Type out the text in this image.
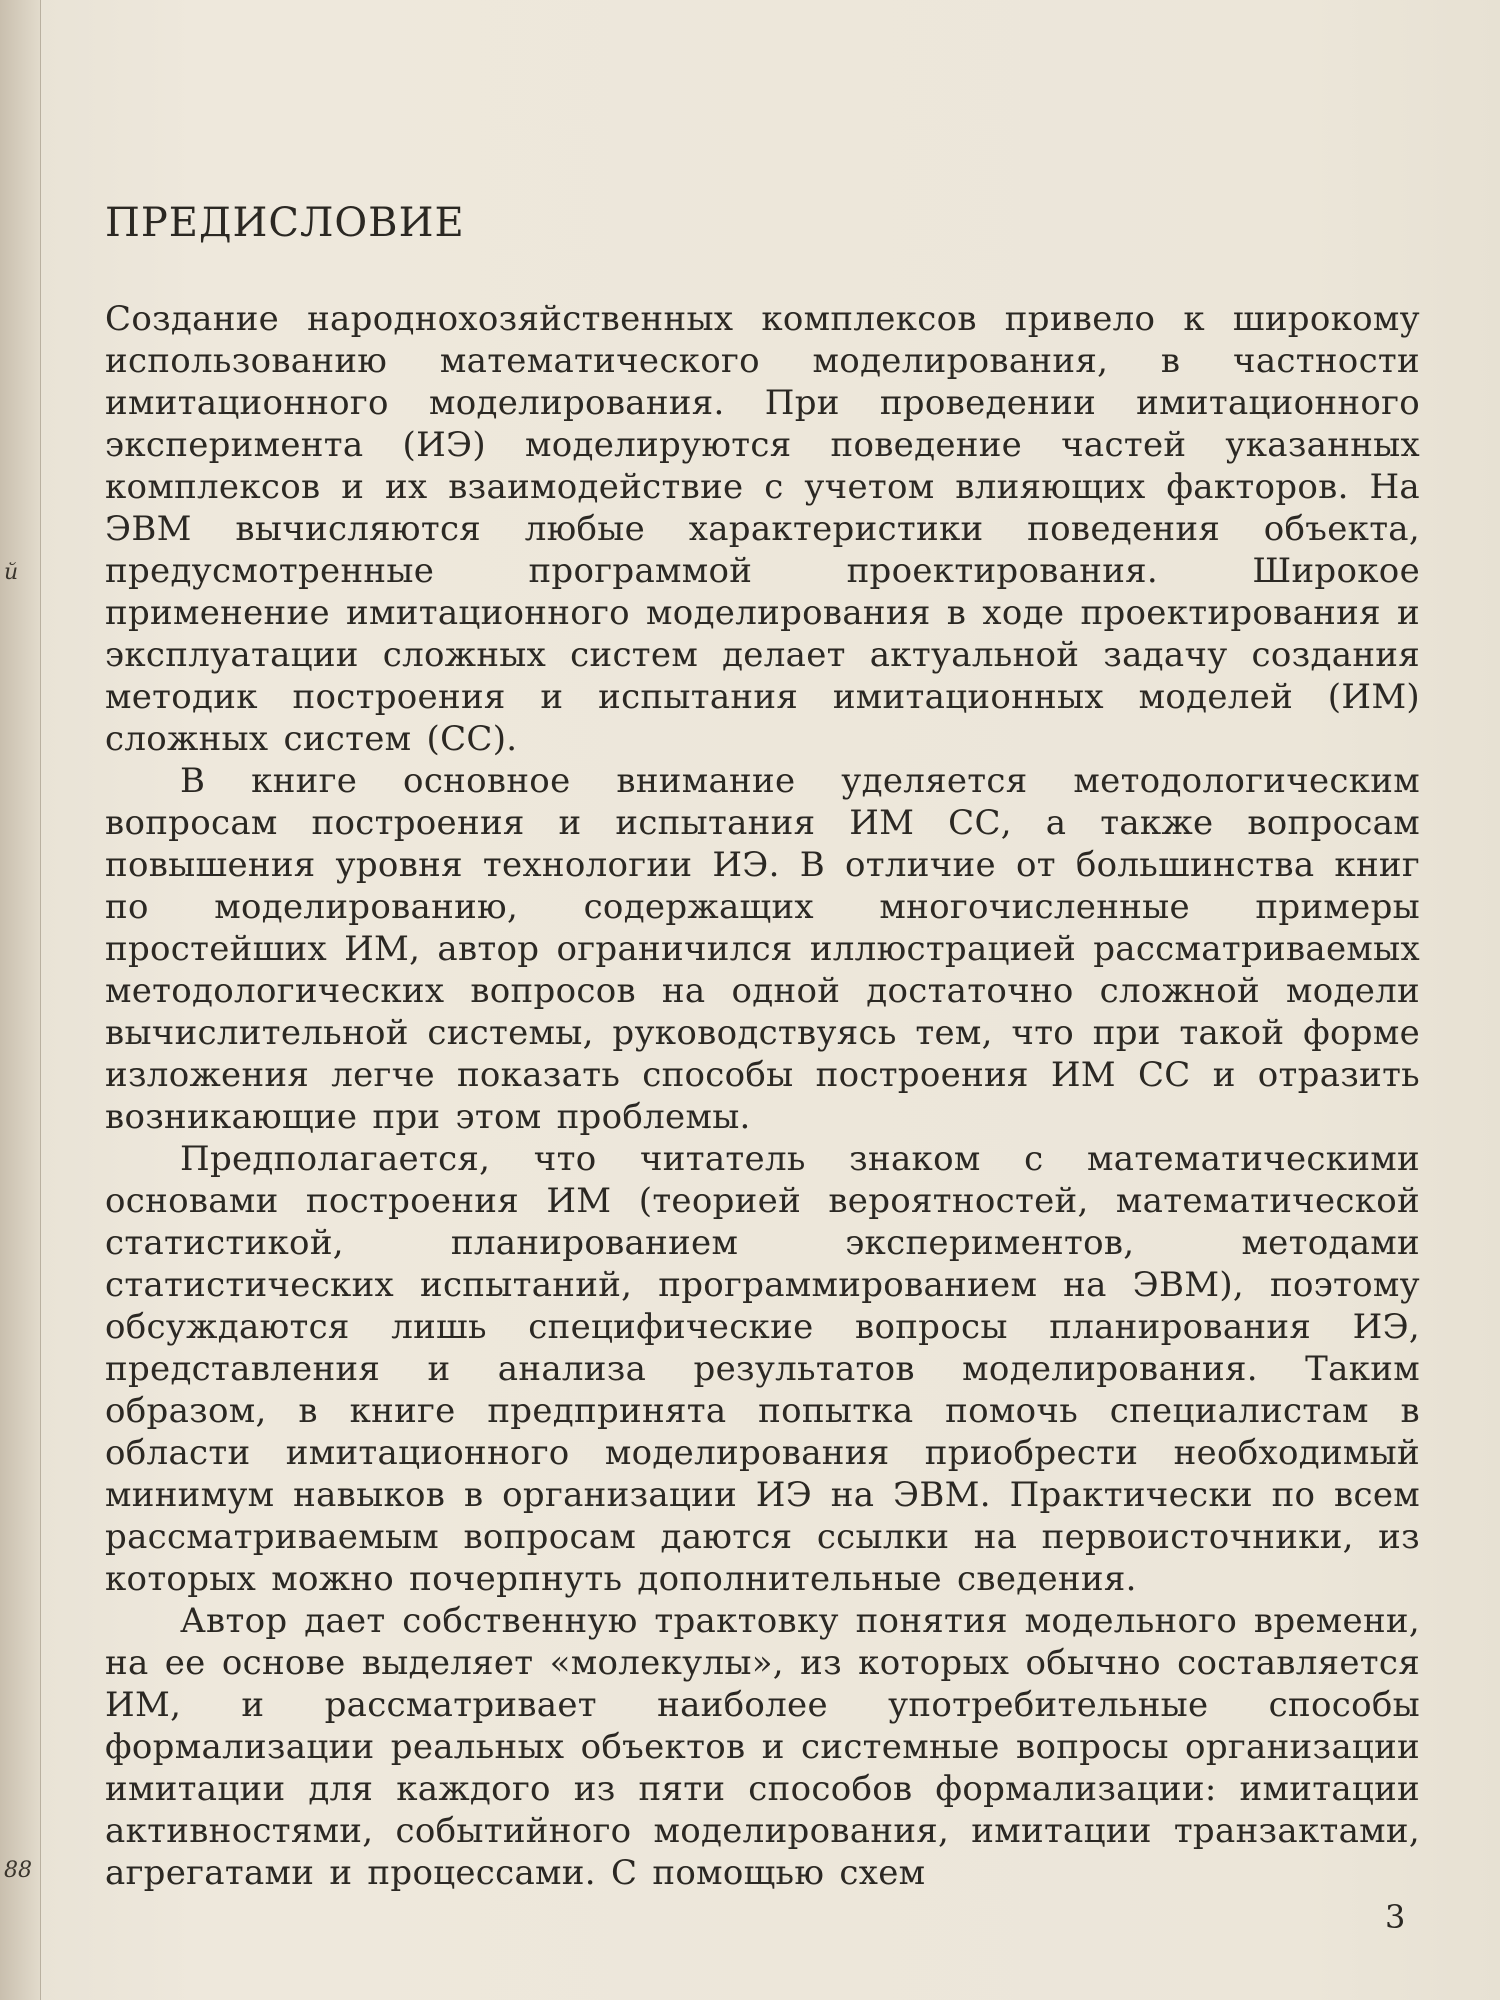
й
88
ПРЕДИСЛОВИЕ

Создание народнохозяйственных комплексов привело к широкому использованию математического моделирования, в частности имитационного моделирования. При проведении имитационного эксперимента (ИЭ) моделируются поведение частей указанных комплексов и их взаимодействие с учетом влияющих факторов. На ЭВМ вычисляются любые характеристики поведения объекта, предусмотренные программой проектирования. Широкое применение имитационного моделирования в ходе проектирования и эксплуатации сложных систем делает актуальной задачу создания методик построения и испытания имитационных моделей (ИМ) сложных систем (СС).

В книге основное внимание уделяется методологическим вопросам построения и испытания ИМ СС, а также вопросам повышения уровня технологии ИЭ. В отличие от большинства книг по моделированию, содержащих многочисленные примеры простейших ИМ, автор ограничился иллюстрацией рассматриваемых методологических вопросов на одной достаточно сложной модели вычислительной системы, руководствуясь тем, что при такой форме изложения легче показать способы построения ИМ СС и отразить возникающие при этом проблемы.

Предполагается, что читатель знаком с математическими основами построения ИМ (теорией вероятностей, математической статистикой, планированием экспериментов, методами статистических испытаний, программированием на ЭВМ), поэтому обсуждаются лишь специфические вопросы планирования ИЭ, представления и анализа результатов моделирования. Таким образом, в книге предпринята попытка помочь специалистам в области имитационного моделирования приобрести необходимый минимум навыков в организации ИЭ на ЭВМ. Практически по всем рассматриваемым вопросам даются ссылки на первоисточники, из которых можно почерпнуть дополнительные сведения.

Автор дает собственную трактовку понятия модельного времени, на ее основе выделяет «молекулы», из которых обычно составляется ИМ, и рассматривает наиболее употребительные способы формализации реальных объектов и системные вопросы организации имитации для каждого из пяти способов формализации: имитации активностями, событийного моделирования, имитации транзактами, агрегатами и процессами. С помощью схем

3
